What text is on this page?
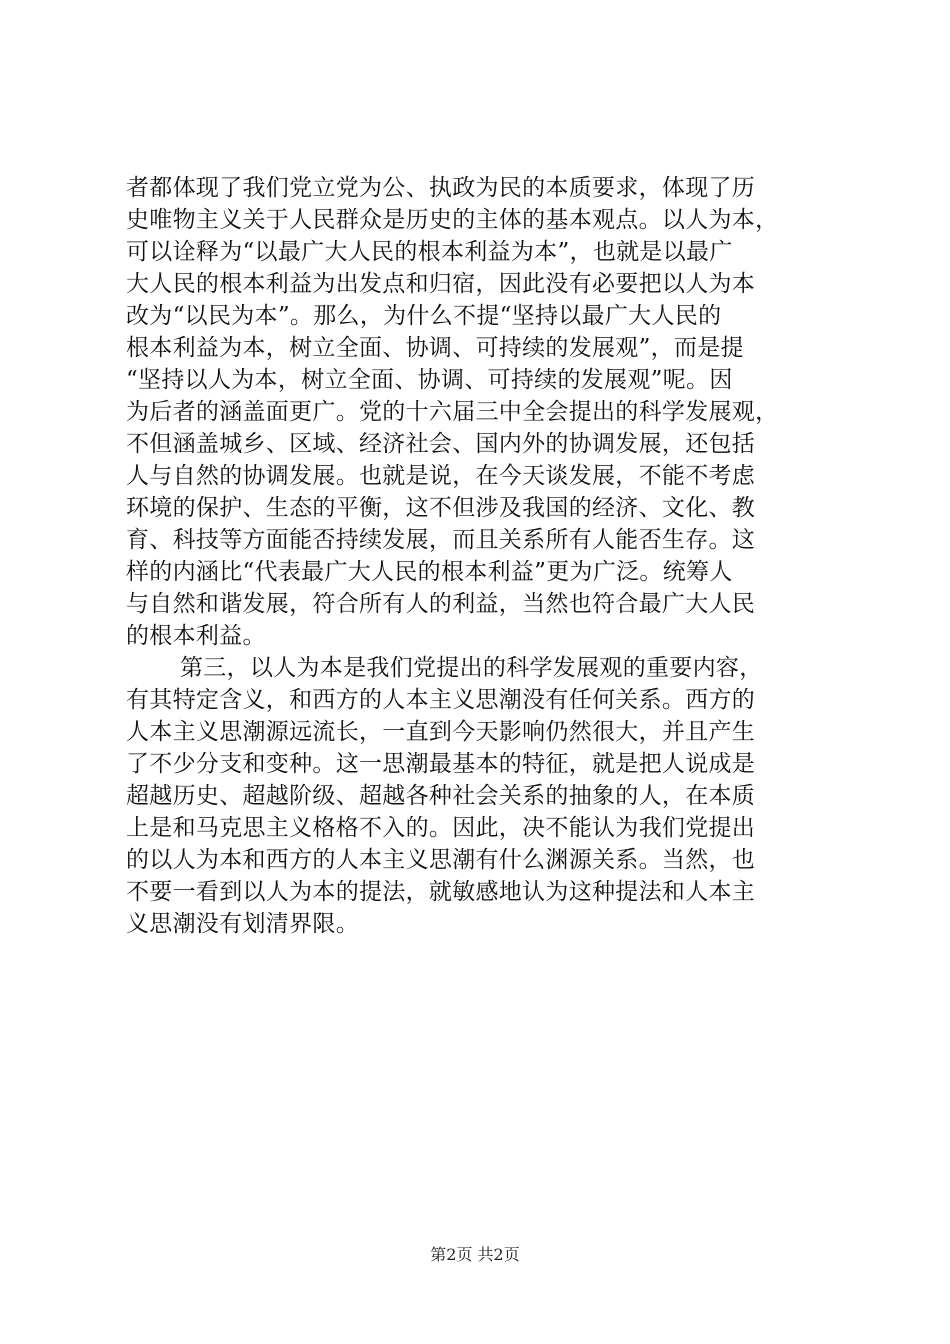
者都体现了我们党立党为公、执政为民的本质要求，体现了历
史唯物主义关于人民群众是历史的主体的基本观点。以人为本，
可以诠释为“以最广大人民的根本利益为本”，也就是以最广
大人民的根本利益为出发点和归宿，因此没有必要把以人为本
改为“以民为本”。那么，为什么不提“坚持以最广大人民的
根本利益为本，树立全面、协调、可持续的发展观”，而是提
“坚持以人为本，树立全面、协调、可持续的发展观”呢。因
为后者的涵盖面更广。党的十六届三中全会提出的科学发展观，
不但涵盖城乡、区域、经济社会、国内外的协调发展，还包括
人与自然的协调发展。也就是说，在今天谈发展，不能不考虑
环境的保护、生态的平衡，这不但涉及我国的经济、文化、教
育、科技等方面能否持续发展，而且关系所有人能否生存。这
样的内涵比“代表最广大人民的根本利益”更为广泛。统筹人
与自然和谐发展，符合所有人的利益，当然也符合最广大人民
的根本利益。
第三，以人为本是我们党提出的科学发展观的重要内容，
有其特定含义，和西方的人本主义思潮没有任何关系。西方的
人本主义思潮源远流长，一直到今天影响仍然很大，并且产生
了不少分支和变种。这一思潮最基本的特征，就是把人说成是
超越历史、超越阶级、超越各种社会关系的抽象的人，在本质
上是和马克思主义格格不入的。因此，决不能认为我们党提出
的以人为本和西方的人本主义思潮有什么渊源关系。当然，也
不要一看到以人为本的提法，就敏感地认为这种提法和人本主
义思潮没有划清界限。
第2页 共2页
